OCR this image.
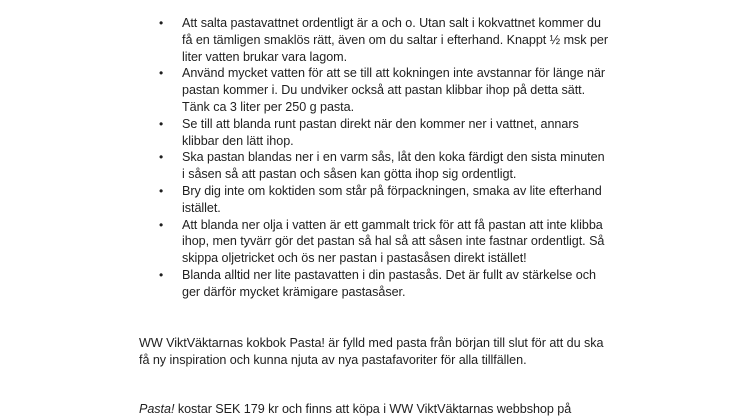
•	Att salta pastavattnet ordentligt är a och o. Utan salt i kokvattnet kommer du få en tämligen smaklös rätt, även om du saltar i efterhand. Knappt ½ msk per liter vatten brukar vara lagom.
•	Använd mycket vatten för att se till att kokningen inte avstannar för länge när pastan kommer i. Du undviker också att pastan klibbar ihop på detta sätt. Tänk ca 3 liter per 250 g pasta.
•	Se till att blanda runt pastan direkt när den kommer ner i vattnet, annars klibbar den lätt ihop.
•	Ska pastan blandas ner i en varm sås, låt den koka färdigt den sista minuten i såsen så att pastan och såsen kan götta ihop sig ordentligt.
•	Bry dig inte om koktiden som står på förpackningen, smaka av lite efterhand istället.
•	Att blanda ner olja i vatten är ett gammalt trick för att få pastan att inte klibba ihop, men tyvärr gör det pastan så hal så att såsen inte fastnar ordentligt. Så skippa oljetricket och ös ner pastan i pastasåsen direkt istället!
•	Blanda alltid ner lite pastavatten i din pastasås. Det är fullt av stärkelse och ger därför mycket krämigare pastasåser.

WW ViktVäktarnas kokbok Pasta! är fylld med pasta från början till slut för att du ska få ny inspiration och kunna njuta av nya pastafavoriter för alla tillfällen.

Pasta! kostar SEK 179 kr och finns att köpa i WW ViktVäktarnas webbshop på
